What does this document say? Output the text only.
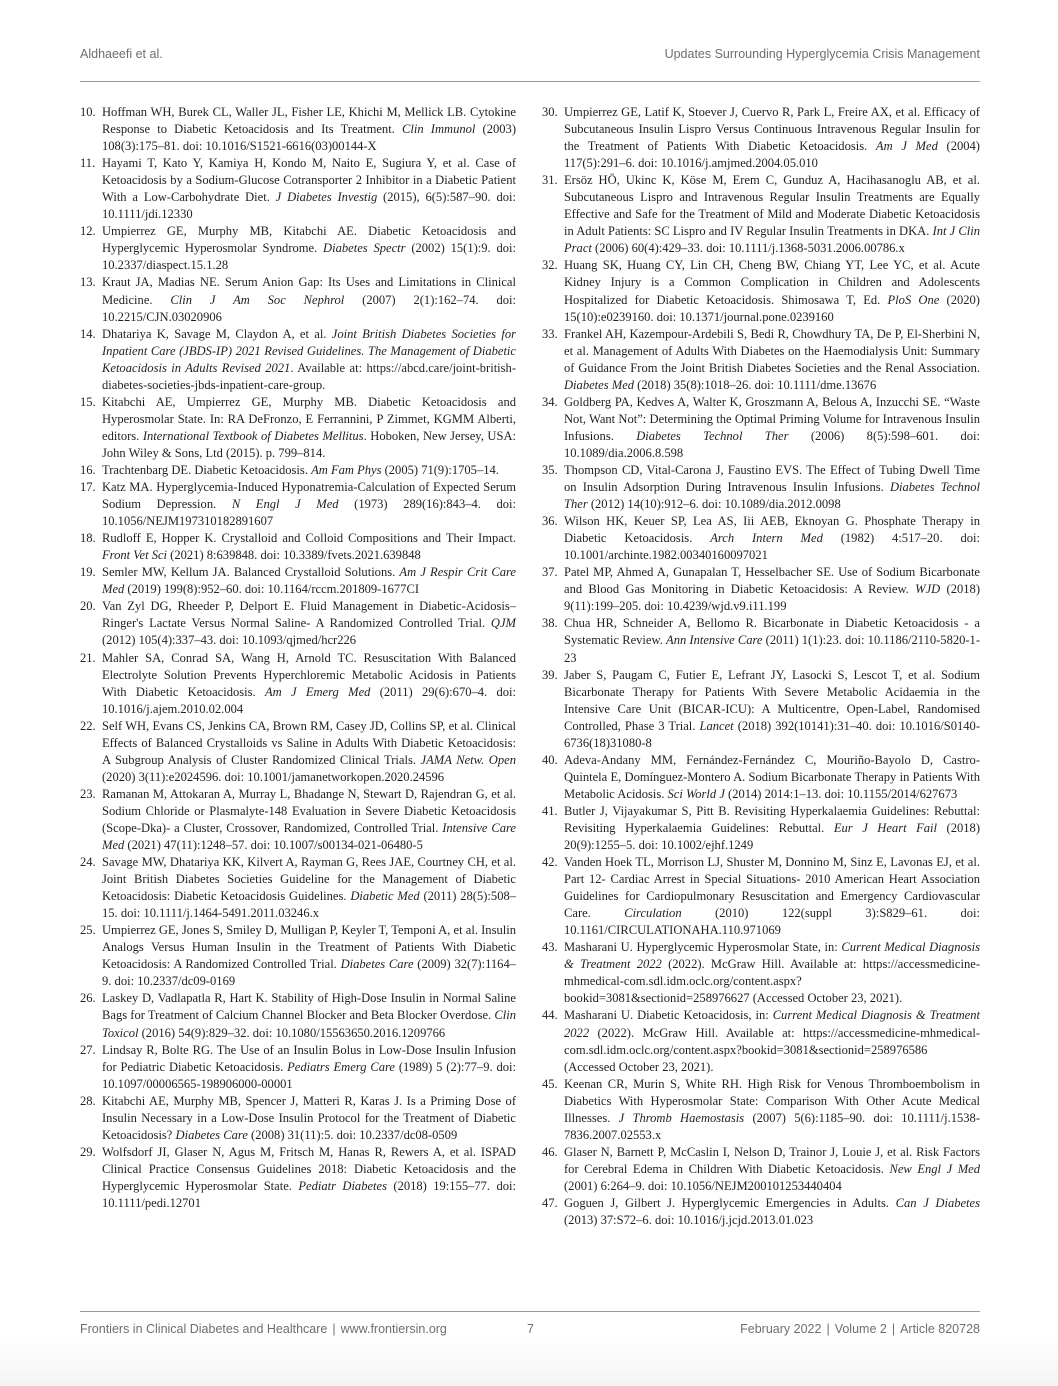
Aldhaeefi et al.	Updates Surrounding Hyperglycemia Crisis Management
10. Hoffman WH, Burek CL, Waller JL, Fisher LE, Khichi M, Mellick LB. Cytokine Response to Diabetic Ketoacidosis and Its Treatment. Clin Immunol (2003) 108(3):175–81. doi: 10.1016/S1521-6616(03)00144-X
11. Hayami T, Kato Y, Kamiya H, Kondo M, Naito E, Sugiura Y, et al. Case of Ketoacidosis by a Sodium-Glucose Cotransporter 2 Inhibitor in a Diabetic Patient With a Low-Carbohydrate Diet. J Diabetes Investig (2015), 6(5):587–90. doi: 10.1111/jdi.12330
12. Umpierrez GE, Murphy MB, Kitabchi AE. Diabetic Ketoacidosis and Hyperglycemic Hyperosmolar Syndrome. Diabetes Spectr (2002) 15(1):9. doi: 10.2337/diaspect.15.1.28
13. Kraut JA, Madias NE. Serum Anion Gap: Its Uses and Limitations in Clinical Medicine. Clin J Am Soc Nephrol (2007) 2(1):162–74. doi: 10.2215/CJN.03020906
14. Dhatariya K, Savage M, Claydon A, et al. Joint British Diabetes Societies for Inpatient Care (JBDS-IP) 2021 Revised Guidelines. The Management of Diabetic Ketoacidosis in Adults Revised 2021. Available at: https://abcd.care/joint-british-diabetes-societies-jbds-inpatient-care-group.
15. Kitabchi AE, Umpierrez GE, Murphy MB. Diabetic Ketoacidosis and Hyperosmolar State. In: RA DeFronzo, E Ferrannini, P Zimmet, KGMM Alberti, editors. International Textbook of Diabetes Mellitus. Hoboken, New Jersey, USA: John Wiley & Sons, Ltd (2015). p. 799–814.
16. Trachtenbarg DE. Diabetic Ketoacidosis. Am Fam Phys (2005) 71(9):1705–14.
17. Katz MA. Hyperglycemia-Induced Hyponatremia-Calculation of Expected Serum Sodium Depression. N Engl J Med (1973) 289(16):843–4. doi: 10.1056/NEJM197310182891607
18. Rudloff E, Hopper K. Crystalloid and Colloid Compositions and Their Impact. Front Vet Sci (2021) 8:639848. doi: 10.3389/fvets.2021.639848
19. Semler MW, Kellum JA. Balanced Crystalloid Solutions. Am J Respir Crit Care Med (2019) 199(8):952–60. doi: 10.1164/rccm.201809-1677CI
20. Van Zyl DG, Rheeder P, Delport E. Fluid Management in Diabetic-Acidosis–Ringer's Lactate Versus Normal Saline- A Randomized Controlled Trial. QJM (2012) 105(4):337–43. doi: 10.1093/qjmed/hcr226
21. Mahler SA, Conrad SA, Wang H, Arnold TC. Resuscitation With Balanced Electrolyte Solution Prevents Hyperchloremic Metabolic Acidosis in Patients With Diabetic Ketoacidosis. Am J Emerg Med (2011) 29(6):670–4. doi: 10.1016/j.ajem.2010.02.004
22. Self WH, Evans CS, Jenkins CA, Brown RM, Casey JD, Collins SP, et al. Clinical Effects of Balanced Crystalloids vs Saline in Adults With Diabetic Ketoacidosis: A Subgroup Analysis of Cluster Randomized Clinical Trials. JAMA Netw. Open (2020) 3(11):e2024596. doi: 10.1001/jamanetworkopen.2020.24596
23. Ramanan M, Attokaran A, Murray L, Bhadange N, Stewart D, Rajendran G, et al. Sodium Chloride or Plasmalyte-148 Evaluation in Severe Diabetic Ketoacidosis (Scope-Dka)- a Cluster, Crossover, Randomized, Controlled Trial. Intensive Care Med (2021) 47(11):1248–57. doi: 10.1007/s00134-021-06480-5
24. Savage MW, Dhatariya KK, Kilvert A, Rayman G, Rees JAE, Courtney CH, et al. Joint British Diabetes Societies Guideline for the Management of Diabetic Ketoacidosis: Diabetic Ketoacidosis Guidelines. Diabetic Med (2011) 28(5):508–15. doi: 10.1111/j.1464-5491.2011.03246.x
25. Umpierrez GE, Jones S, Smiley D, Mulligan P, Keyler T, Temponi A, et al. Insulin Analogs Versus Human Insulin in the Treatment of Patients With Diabetic Ketoacidosis: A Randomized Controlled Trial. Diabetes Care (2009) 32(7):1164–9. doi: 10.2337/dc09-0169
26. Laskey D, Vadlapatla R, Hart K. Stability of High-Dose Insulin in Normal Saline Bags for Treatment of Calcium Channel Blocker and Beta Blocker Overdose. Clin Toxicol (2016) 54(9):829–32. doi: 10.1080/15563650.2016.1209766
27. Lindsay R, Bolte RG. The Use of an Insulin Bolus in Low-Dose Insulin Infusion for Pediatric Diabetic Ketoacidosis. Pediatrs Emerg Care (1989) 5 (2):77–9. doi: 10.1097/00006565-198906000-00001
28. Kitabchi AE, Murphy MB, Spencer J, Matteri R, Karas J. Is a Priming Dose of Insulin Necessary in a Low-Dose Insulin Protocol for the Treatment of Diabetic Ketoacidosis? Diabetes Care (2008) 31(11):5. doi: 10.2337/dc08-0509
29. Wolfsdorf JI, Glaser N, Agus M, Fritsch M, Hanas R, Rewers A, et al. ISPAD Clinical Practice Consensus Guidelines 2018: Diabetic Ketoacidosis and the Hyperglycemic Hyperosmolar State. Pediatr Diabetes (2018) 19:155–77. doi: 10.1111/pedi.12701
30. Umpierrez GE, Latif K, Stoever J, Cuervo R, Park L, Freire AX, et al. Efficacy of Subcutaneous Insulin Lispro Versus Continuous Intravenous Regular Insulin for the Treatment of Patients With Diabetic Ketoacidosis. Am J Med (2004) 117(5):291–6. doi: 10.1016/j.amjmed.2004.05.010
31. Ersöz HÖ, Ukinc K, Köse M, Erem C, Gunduz A, Hacihasanoglu AB, et al. Subcutaneous Lispro and Intravenous Regular Insulin Treatments are Equally Effective and Safe for the Treatment of Mild and Moderate Diabetic Ketoacidosis in Adult Patients: SC Lispro and IV Regular Insulin Treatments in DKA. Int J Clin Pract (2006) 60(4):429–33. doi: 10.1111/j.1368-5031.2006.00786.x
32. Huang SK, Huang CY, Lin CH, Cheng BW, Chiang YT, Lee YC, et al. Acute Kidney Injury is a Common Complication in Children and Adolescents Hospitalized for Diabetic Ketoacidosis. Shimosawa T, Ed. PloS One (2020) 15(10):e0239160. doi: 10.1371/journal.pone.0239160
33. Frankel AH, Kazempour-Ardebili S, Bedi R, Chowdhury TA, De P, El-Sherbini N, et al. Management of Adults With Diabetes on the Haemodialysis Unit: Summary of Guidance From the Joint British Diabetes Societies and the Renal Association. Diabetes Med (2018) 35(8):1018–26. doi: 10.1111/dme.13676
34. Goldberg PA, Kedves A, Walter K, Groszmann A, Belous A, Inzucchi SE. “Waste Not, Want Not”: Determining the Optimal Priming Volume for Intravenous Insulin Infusions. Diabetes Technol Ther (2006) 8(5):598–601. doi: 10.1089/dia.2006.8.598
35. Thompson CD, Vital-Carona J, Faustino EVS. The Effect of Tubing Dwell Time on Insulin Adsorption During Intravenous Insulin Infusions. Diabetes Technol Ther (2012) 14(10):912–6. doi: 10.1089/dia.2012.0098
36. Wilson HK, Keuer SP, Lea AS, Iii AEB, Eknoyan G. Phosphate Therapy in Diabetic Ketoacidosis. Arch Intern Med (1982) 4:517–20. doi: 10.1001/archinte.1982.00340160097021
37. Patel MP, Ahmed A, Gunapalan T, Hesselbacher SE. Use of Sodium Bicarbonate and Blood Gas Monitoring in Diabetic Ketoacidosis: A Review. WJD (2018) 9(11):199–205. doi: 10.4239/wjd.v9.i11.199
38. Chua HR, Schneider A, Bellomo R. Bicarbonate in Diabetic Ketoacidosis - a Systematic Review. Ann Intensive Care (2011) 1(1):23. doi: 10.1186/2110-5820-1-23
39. Jaber S, Paugam C, Futier E, Lefrant JY, Lasocki S, Lescot T, et al. Sodium Bicarbonate Therapy for Patients With Severe Metabolic Acidaemia in the Intensive Care Unit (BICAR-ICU): A Multicentre, Open-Label, Randomised Controlled, Phase 3 Trial. Lancet (2018) 392(10141):31–40. doi: 10.1016/S0140-6736(18)31080-8
40. Adeva-Andany MM, Fernández-Fernández C, Mouriño-Bayolo D, Castro-Quintela E, Domínguez-Montero A. Sodium Bicarbonate Therapy in Patients With Metabolic Acidosis. Sci World J (2014) 2014:1–13. doi: 10.1155/2014/627673
41. Butler J, Vijayakumar S, Pitt B. Revisiting Hyperkalaemia Guidelines: Rebuttal: Revisiting Hyperkalaemia Guidelines: Rebuttal. Eur J Heart Fail (2018) 20(9):1255–5. doi: 10.1002/ejhf.1249
42. Vanden Hoek TL, Morrison LJ, Shuster M, Donnino M, Sinz E, Lavonas EJ, et al. Part 12- Cardiac Arrest in Special Situations- 2010 American Heart Association Guidelines for Cardiopulmonary Resuscitation and Emergency Cardiovascular Care. Circulation (2010) 122(suppl 3):S829–61. doi: 10.1161/CIRCULATIONAHA.110.971069
43. Masharani U. Hyperglycemic Hyperosmolar State, in: Current Medical Diagnosis & Treatment 2022 (2022). McGraw Hill. Available at: https://accessmedicine-mhmedical-com.sdl.idm.oclc.org/content.aspx?bookid=3081&sectionid=258976627 (Accessed October 23, 2021).
44. Masharani U. Diabetic Ketoacidosis, in: Current Medical Diagnosis & Treatment 2022 (2022). McGraw Hill. Available at: https://accessmedicine-mhmedical-com.sdl.idm.oclc.org/content.aspx?bookid=3081&sectionid=258976586 (Accessed October 23, 2021).
45. Keenan CR, Murin S, White RH. High Risk for Venous Thromboembolism in Diabetics With Hyperosmolar State: Comparison With Other Acute Medical Illnesses. J Thromb Haemostasis (2007) 5(6):1185–90. doi: 10.1111/j.1538-7836.2007.02553.x
46. Glaser N, Barnett P, McCaslin I, Nelson D, Trainor J, Louie J, et al. Risk Factors for Cerebral Edema in Children With Diabetic Ketoacidosis. New Engl J Med (2001) 6:264–9. doi: 10.1056/NEJM200101253440404
47. Goguen J, Gilbert J. Hyperglycemic Emergencies in Adults. Can J Diabetes (2013) 37:S72–6. doi: 10.1016/j.jcjd.2013.01.023
Frontiers in Clinical Diabetes and Healthcare | www.frontiersin.org	7	February 2022 | Volume 2 | Article 820728
